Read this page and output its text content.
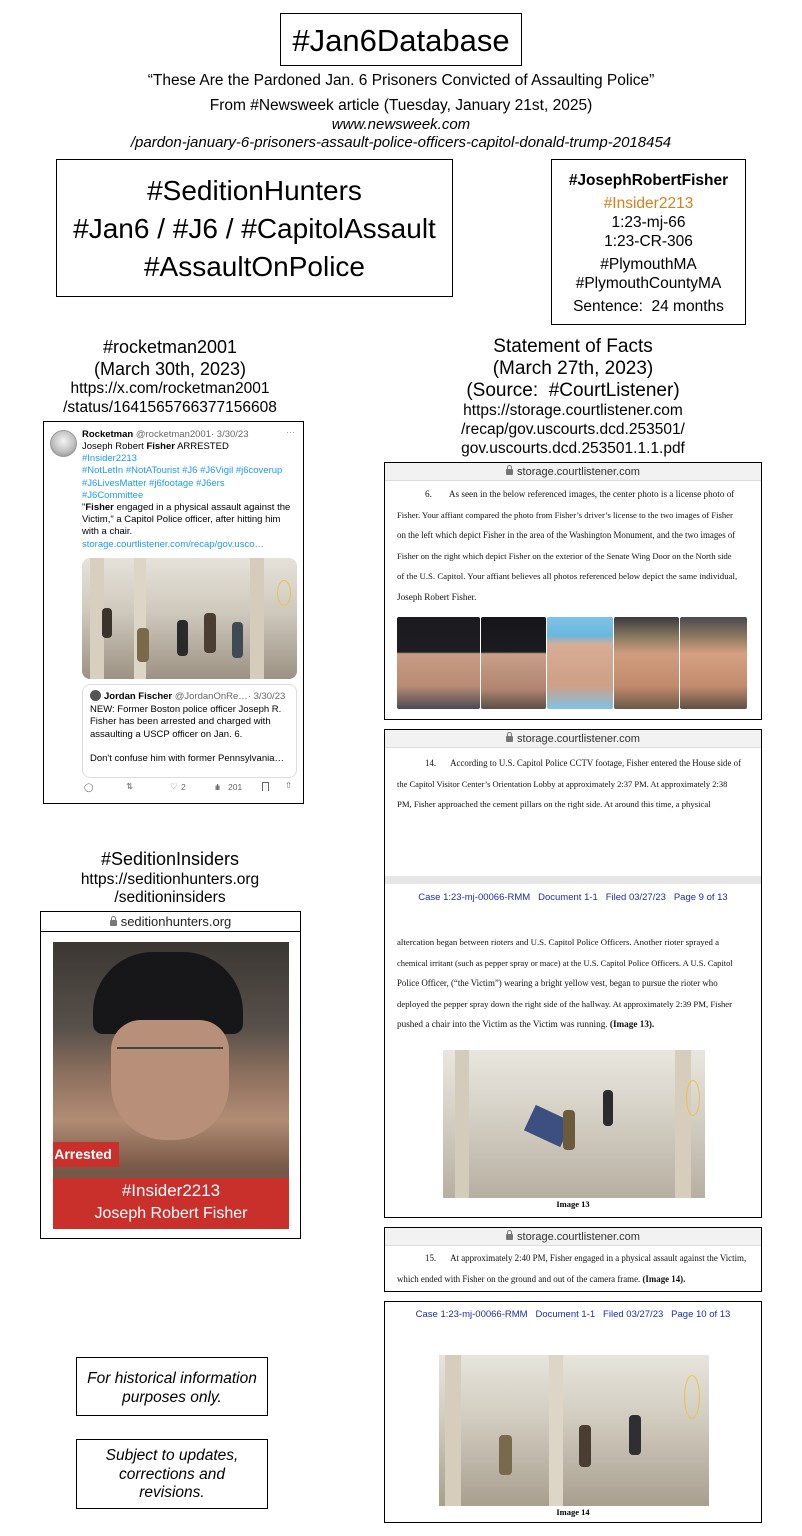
#Jan6Database
“These Are the Pardoned Jan. 6 Prisoners Convicted of Assaulting Police”
From #Newsweek article (Tuesday, January 21st, 2025)
www.newsweek.com
/pardon-january-6-prisoners-assault-police-officers-capitol-donald-trump-2018454
#SeditionHunters
#Jan6 / #J6 / #CapitolAssault
#AssaultOnPolice
#JosephRobertFisher
#Insider2213
1:23-mj-66
1:23-CR-306
#PlymouthMA
#PlymouthCountyMA
Sentence:  24 months
#rocketman2001
(March 30th, 2023)
https://x.com/rocketman2001
/status/1641565766377156608
Rocketman @rocketman2001· 3/30/23	···
Joseph Robert Fisher ARRESTED
#Insider2213
#NotLetIn #NotATourist #J6 #J6Vigil #j6coverup
#J6LivesMatter #j6footage #J6ers
#J6Committee
"Fisher engaged in a physical assault against the
Victim," a Capitol Police officer, after hitting him
with a chair.
storage.courtlistener.com/recap/gov.usco…
Jordan Fischer @JordanOnRe…· 3/30/23
NEW: Former Boston police officer Joseph R.
Fisher has been arrested and charged with
assaulting a USCP officer on Jan. 6.
Don't confuse him with former Pennsylvania…
◯	⇅	♡ 2	ılı 201	⇧
Statement of Facts
(March 27th, 2023)
(Source:  #CourtListener)
https://storage.courtlistener.com
/recap/gov.uscourts.dcd.253501/
gov.uscourts.dcd.253501.1.1.pdf
storage.courtlistener.com
6. As seen in the below referenced images, the center photo is a license photo of
Fisher. Your affiant compared the photo from Fisher’s driver’s license to the two images of Fisher
on the left which depict Fisher in the area of the Washington Monument, and the two images of
Fisher on the right which depict Fisher on the exterior of the Senate Wing Door on the North side
of the U.S. Capitol. Your affiant believes all photos referenced below depict the same individual,
Joseph Robert Fisher.
storage.courtlistener.com
14. According to U.S. Capitol Police CCTV footage, Fisher entered the House side of
the Capitol Visitor Center’s Orientation Lobby at approximately 2:37 PM. At approximately 2:38
PM, Fisher approached the cement pillars on the right side. At around this time, a physical
Case 1:23-mj-00066-RMM   Document 1-1   Filed 03/27/23   Page 9 of 13
altercation began between rioters and U.S. Capitol Police Officers. Another rioter sprayed a
chemical irritant (such as pepper spray or mace) at the U.S. Capitol Police Officers. A U.S. Capitol
Police Officer, (“the Victim”) wearing a bright yellow vest, began to pursue the rioter who
deployed the pepper spray down the right side of the hallway. At approximately 2:39 PM, Fisher
pushed a chair into the Victim as the Victim was running. (Image 13).
Image 13
storage.courtlistener.com
15. At approximately 2:40 PM, Fisher engaged in a physical assault against the Victim,
which ended with Fisher on the ground and out of the camera frame. (Image 14).
Case 1:23-mj-00066-RMM   Document 1-1   Filed 03/27/23   Page 10 of 13
Image 14
#SeditionInsiders
https://seditionhunters.org
/seditioninsiders
seditionhunters.org
Arrested
#Insider2213
Joseph Robert Fisher
For historical information purposes only.
Subject to updates, corrections and revisions.
